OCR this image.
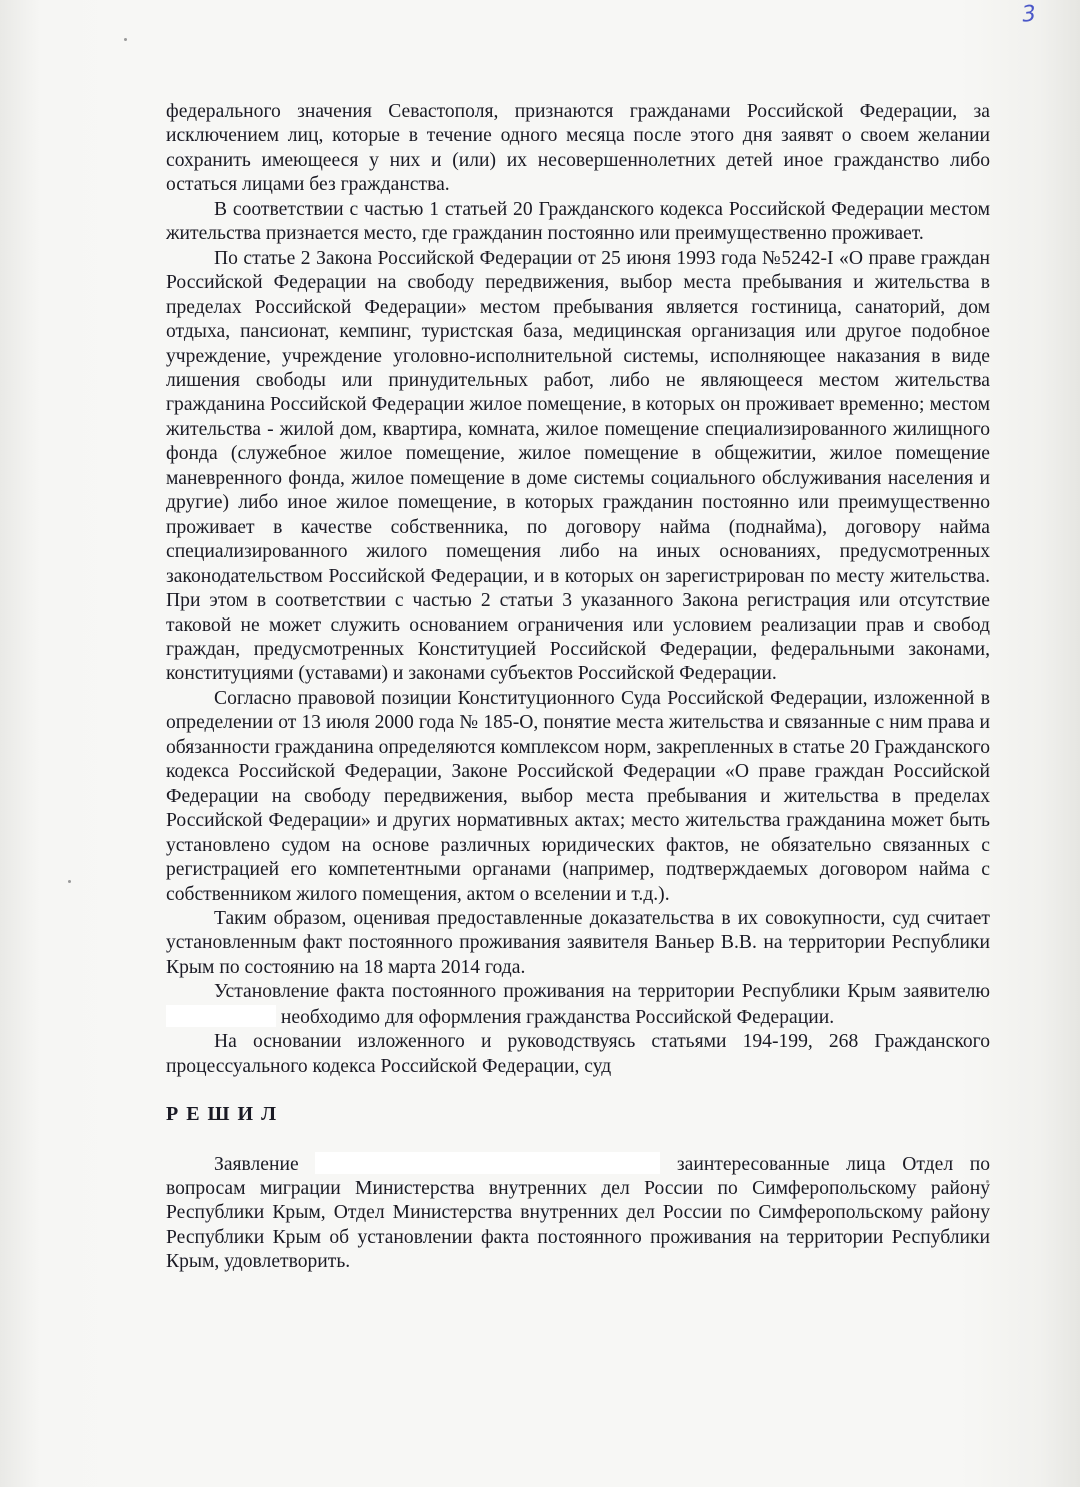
3

федерального значения Севастополя, признаются гражданами Российской Федерации, за исключением лиц, которые в течение одного месяца после этого дня заявят о своем желании сохранить имеющееся у них и (или) их несовершеннолетних детей иное гражданство либо остаться лицами без гражданства.

В соответствии с частью 1 статьей 20 Гражданского кодекса Российской Федерации местом жительства признается место, где гражданин постоянно или преимущественно проживает.

По статье 2 Закона Российской Федерации от 25 июня 1993 года №5242-I «О праве граждан Российской Федерации на свободу передвижения, выбор места пребывания и жительства в пределах Российской Федерации» местом пребывания является гостиница, санаторий, дом отдыха, пансионат, кемпинг, туристская база, медицинская организация или другое подобное учреждение, учреждение уголовно-исполнительной системы, исполняющее наказания в виде лишения свободы или принудительных работ, либо не являющееся местом жительства гражданина Российской Федерации жилое помещение, в которых он проживает временно; местом жительства - жилой дом, квартира, комната, жилое помещение специализированного жилищного фонда (служебное жилое помещение, жилое помещение в общежитии, жилое помещение маневренного фонда, жилое помещение в доме системы социального обслуживания населения и другие) либо иное жилое помещение, в которых гражданин постоянно или преимущественно проживает в качестве собственника, по договору найма (поднайма), договору найма специализированного жилого помещения либо на иных основаниях, предусмотренных законодательством Российской Федерации, и в которых он зарегистрирован по месту жительства. При этом в соответствии с частью 2 статьи 3 указанного Закона регистрация или отсутствие таковой не может служить основанием ограничения или условием реализации прав и свобод граждан, предусмотренных Конституцией Российской Федерации, федеральными законами, конституциями (уставами) и законами субъектов Российской Федерации.

Согласно правовой позиции Конституционного Суда Российской Федерации, изложенной в определении от 13 июля 2000 года № 185-О, понятие места жительства и связанные с ним права и обязанности гражданина определяются комплексом норм, закрепленных в статье 20 Гражданского кодекса Российской Федерации, Законе Российской Федерации «О праве граждан Российской Федерации на свободу передвижения, выбор места пребывания и жительства в пределах Российской Федерации» и других нормативных актах; место жительства гражданина может быть установлено судом на основе различных юридических фактов, не обязательно связанных с регистрацией его компетентными органами (например, подтверждаемых договором найма с собственником жилого помещения, актом о вселении и т.д.).

Таким образом, оценивая предоставленные доказательства в их совокупности, суд считает установленным факт постоянного проживания заявителя Ваньер В.В. на территории Республики Крым по состоянию на 18 марта 2014 года.

Установление факта постоянного проживания на территории Республики Крым заявителю  необходимо для оформления гражданства Российской Федерации.

На основании изложенного и руководствуясь статьями 194-199, 268 Гражданского процессуального кодекса Российской Федерации, суд

РЕШИЛ

Заявление	заинтересованные лица Отдел по вопросам миграции Министерства внутренних дел России по Симферопольскому району Республики Крым, Отдел Министерства внутренних дел России по Симферопольскому району Республики Крым об установлении факта постоянного проживания на территории Республики Крым, удовлетворить.
